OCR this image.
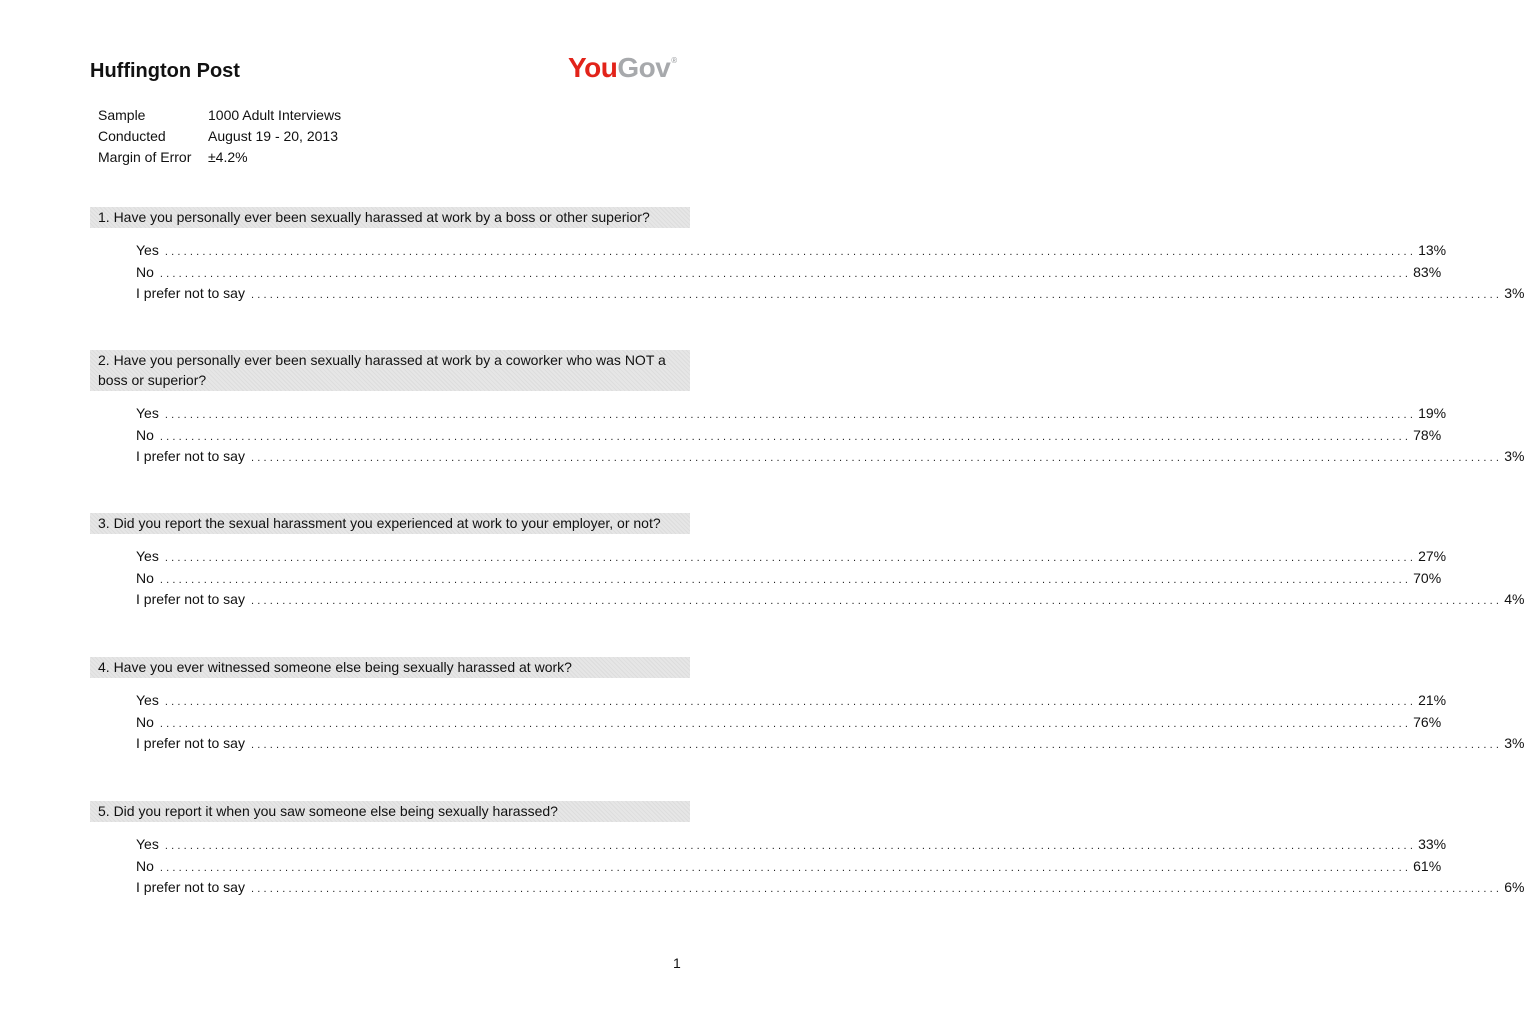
Huffington Post	YouGov®
Sample	1000 Adult Interviews
Conducted	August 19 - 20, 2013
Margin of Error	±4.2%
1. Have you personally ever been sexually harassed at work by a boss or other superior?
Yes ........................................................................................................................................................................................................ 13%
No ........................................................................................................................................................................................................ 83%
I prefer not to say ........................................................................................................................................................................................................ 3%
2. Have you personally ever been sexually harassed at work by a coworker who was NOT a boss or superior?
Yes ........................................................................................................................................................................................................ 19%
No ........................................................................................................................................................................................................ 78%
I prefer not to say ........................................................................................................................................................................................................ 3%
3. Did you report the sexual harassment you experienced at work to your employer, or not?
Yes ........................................................................................................................................................................................................ 27%
No ........................................................................................................................................................................................................ 70%
I prefer not to say ........................................................................................................................................................................................................ 4%
4. Have you ever witnessed someone else being sexually harassed at work?
Yes ........................................................................................................................................................................................................ 21%
No ........................................................................................................................................................................................................ 76%
I prefer not to say ........................................................................................................................................................................................................ 3%
5. Did you report it when you saw someone else being sexually harassed?
Yes ........................................................................................................................................................................................................ 33%
No ........................................................................................................................................................................................................ 61%
I prefer not to say ........................................................................................................................................................................................................ 6%
1
